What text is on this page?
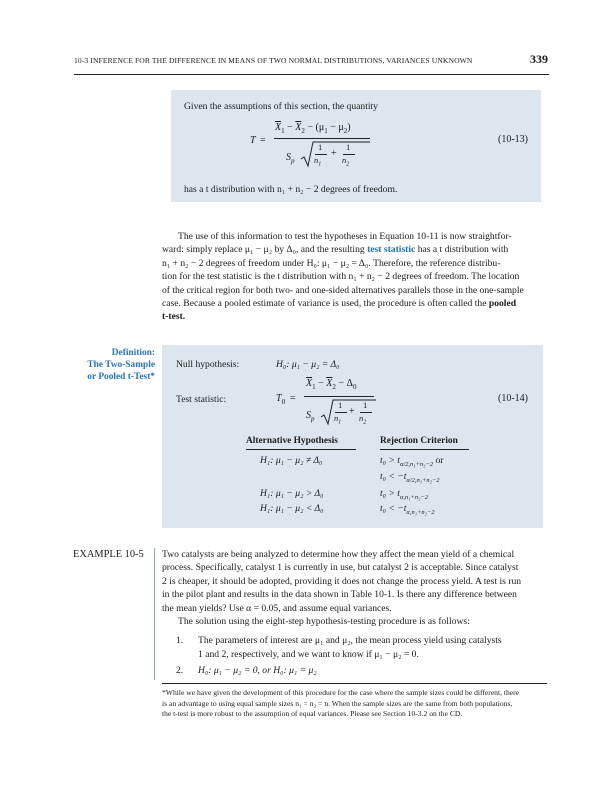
10-3 INFERENCE FOR THE DIFFERENCE IN MEANS OF TWO NORMAL DISTRIBUTIONS, VARIANCES UNKNOWN	339
Given the assumptions of this section, the quantity
T =
$\overline{X}_1 - \overline{X}_2 - (\mu_1 - \mu_2)$
$S_p$
1
$n_1$
+
1
$n_2$
(10-13)
has a t distribution with n₁ + n₂ − 2 degrees of freedom.
The use of this information to test the hypotheses in Equation 10-11 is now straightfor-
ward: simply replace μ₁ − μ₂ by Δ₀, and the resulting test statistic has a t distribution with
n₁ + n₂ − 2 degrees of freedom under H₀: μ₁ − μ₂ = Δ₀. Therefore, the reference distribu-
tion for the test statistic is the t distribution with n₁ + n₂ − 2 degrees of freedom. The location
of the critical region for both two- and one-sided alternatives parallels those in the one-sample
case. Because a pooled estimate of variance is used, the procedure is often called the pooled
t-test.
Definition:
The Two-Sample
or Pooled t-Test*
Null hypothesis:	H₀: μ₁ − μ₂ = Δ₀
Test statistic:	$T_0$ =
$\overline{X}_1 - \overline{X}_2 - \Delta_0$
$S_p$
1
$n_1$
+
1
$n_2$
(10-14)
Alternative Hypothesis	Rejection Criterion
H₁: μ₁ − μ₂ ≠ Δ₀	$t_0 > t_{\alpha/2,n_1+n_2-2}$ or
$t_0 < -t_{\alpha/2,n_1+n_2-2}$
H₁: μ₁ − μ₂ > Δ₀	$t_0 > t_{\alpha,n_1+n_2-2}$
H₁: μ₁ − μ₂ < Δ₀	$t_0 < -t_{\alpha,n_1+n_2-2}$
EXAMPLE 10-5 Two catalysts are being analyzed to determine how they affect the mean yield of a chemical
process. Specifically, catalyst 1 is currently in use, but catalyst 2 is acceptable. Since catalyst
2 is cheaper, it should be adopted, providing it does not change the process yield. A test is run
in the pilot plant and results in the data shown in Table 10-1. Is there any difference between
the mean yields? Use α = 0.05, and assume equal variances.
The solution using the eight-step hypothesis-testing procedure is as follows:
1. The parameters of interest are μ₁ and μ₂, the mean process yield using catalysts
1 and 2, respectively, and we want to know if μ₁ − μ₂ = 0.
2. H₀: μ₁ − μ₂ = 0, or H₀: μ₁ = μ₂
*While we have given the development of this procedure for the case where the sample sizes could be different, there
is an advantage to using equal sample sizes n₁ = n₂ = n. When the sample sizes are the same from both populations,
the t-test is more robust to the assumption of equal variances. Please see Section 10-3.2 on the CD.
